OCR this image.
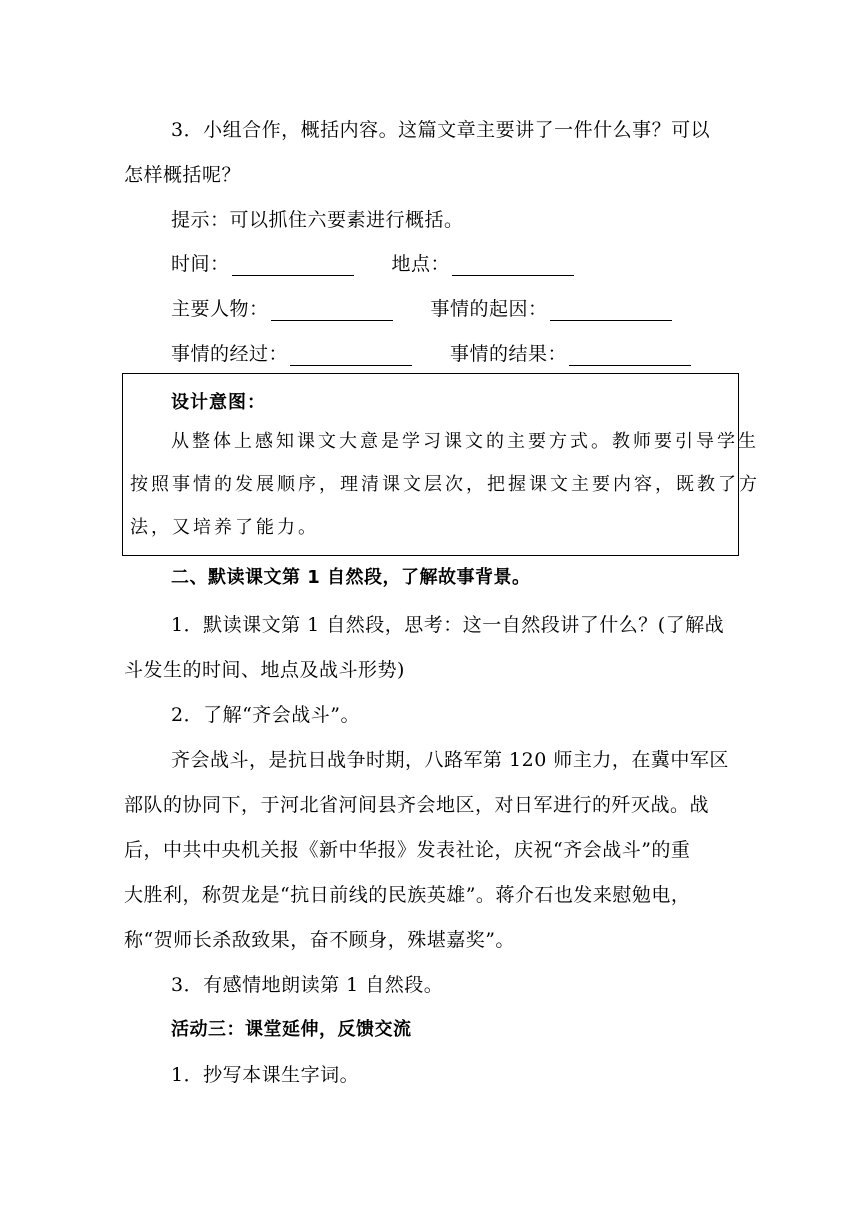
3．小组合作，概括内容。这篇文章主要讲了一件什么事？可以
怎样概括呢？
提示：可以抓住六要素进行概括。
时间：	地点：
主要人物：	事情的起因：
事情的经过：	事情的结果：
设计意图：
从整体上感知课文大意是学习课文的主要方式。教师要引导学生
按照事情的发展顺序，理清课文层次，把握课文主要内容，既教了方
法，又培养了能力。
二、默读课文第 1 自然段，了解故事背景。
1．默读课文第 1 自然段，思考：这一自然段讲了什么？(了解战
斗发生的时间、地点及战斗形势)
2．了解“齐会战斗”。
齐会战斗，是抗日战争时期，八路军第 120 师主力，在冀中军区
部队的协同下，于河北省河间县齐会地区，对日军进行的歼灭战。战
后，中共中央机关报《新中华报》发表社论，庆祝“齐会战斗”的重
大胜利，称贺龙是“抗日前线的民族英雄”。蒋介石也发来慰勉电，
称“贺师长杀敌致果，奋不顾身，殊堪嘉奖”。
3．有感情地朗读第 1 自然段。
活动三：课堂延伸，反馈交流
1．抄写本课生字词。
